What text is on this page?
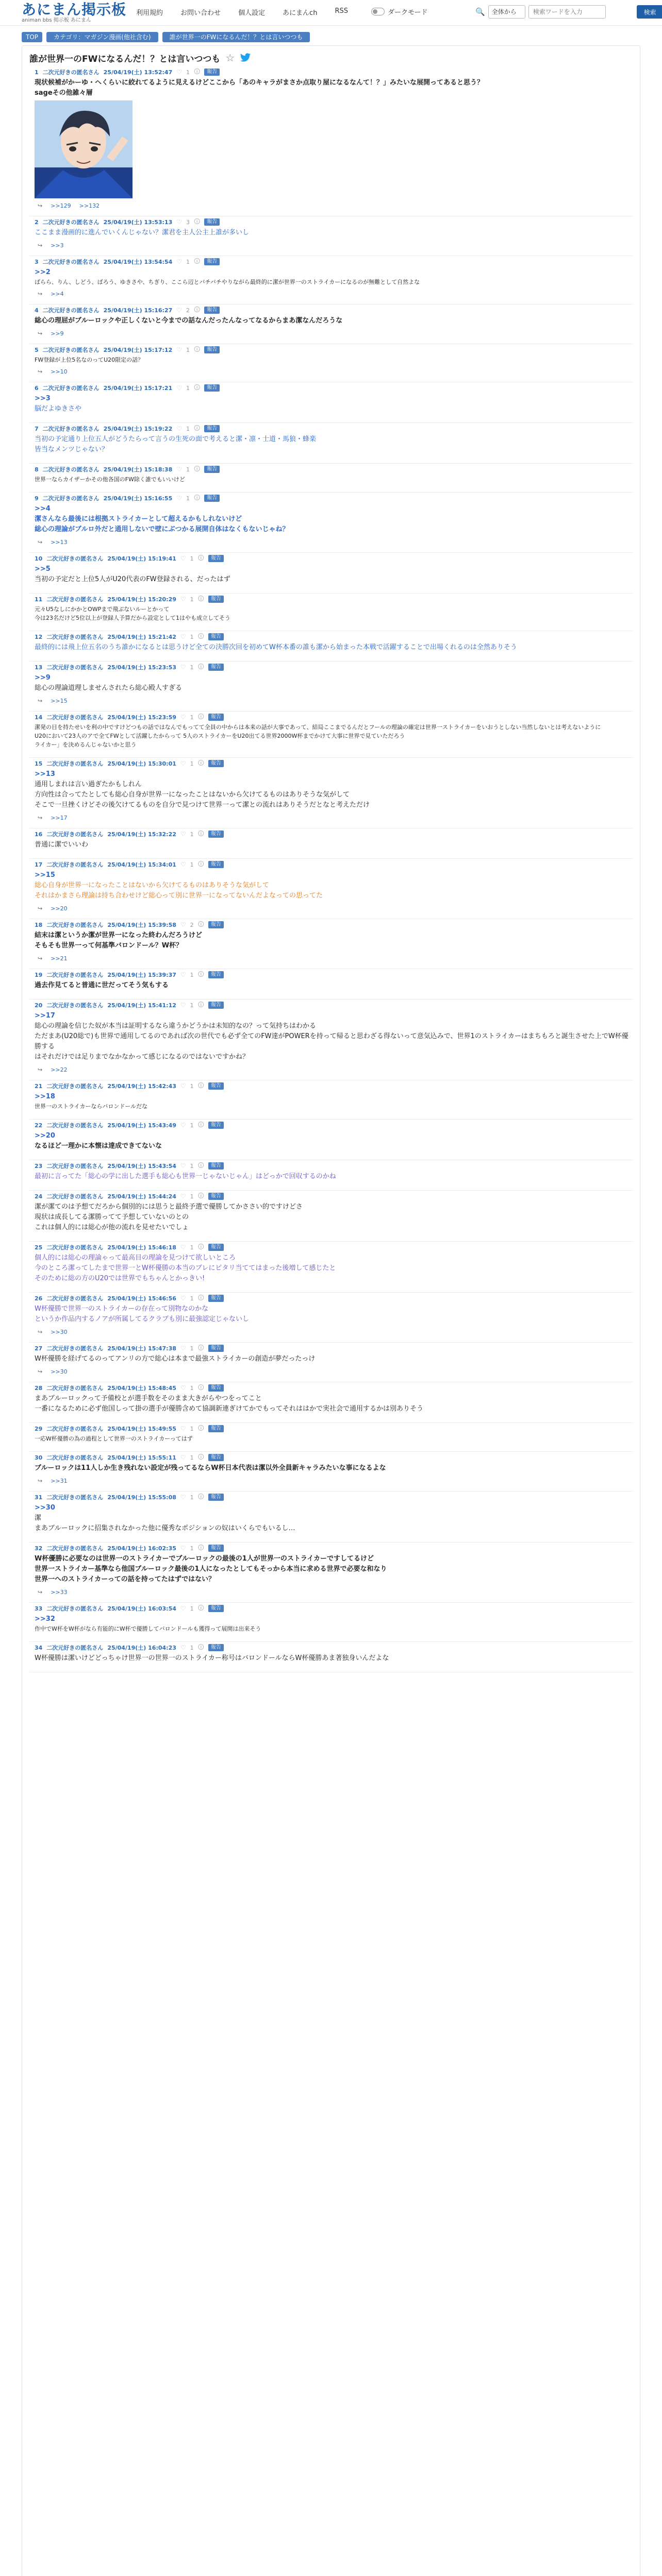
あにまん掲示板
animan bbs 掲示板 あにまん
利用規約	お問い合わせ	個人設定	あにまんch	RSS	ダークモード	🔍	全体から
検索ワードを入力	検索
TOP	カテゴリ：マガジン漫画(他社含む)	誰が世界一のFWになるんだ！？とは言いつつも
誰が世界一のFWになるんだ！？とは言いつつも ☆
1 二次元好きの匿名さん 25/04/19(土) 13:52:47 ♡ 1 🛈	報告
現状候補がかーゆ・ヘくらいに絞れてるように見えるけどここから「あのキャラがまさか点取り屋になるなんて！？」みたいな展開ってあると思う？
sageその他雑々層
↪ >>129 >>132
2 二次元好きの匿名さん 25/04/19(土) 13:53:13 ♡ 3 🛈	報告
ここまま漫画的に進んでいくんじゃない？潔君を主人公主上誰が多いし
↪ >>3
3 二次元好きの匿名さん 25/04/19(土) 13:54:54 ♡ 1 🛈	報告
>>2
ばらら、りん、しどう、ばろう、ゆきさや、ちぎり、ここら辺とバチバチやりながら最終的に潔が世界一のストライカーになるのが無難として自然よな
↪ >>4
4 二次元好きの匿名さん 25/04/19(土) 15:16:27 ♡ 2 🛈	報告
総心の理屈がブルーロックや正しくないと今までの話なんだったんなってなるからまあ潔なんだろうな
↪ >>9
5 二次元好きの匿名さん 25/04/19(土) 15:17:12 ♡ 1 🛈	報告
FW登録が上位5名なのってU20限定の話？
↪ >>10
6 二次元好きの匿名さん 25/04/19(土) 15:17:21 ♡ 1 🛈	報告
>>3
脳だよゆきさや
7 二次元好きの匿名さん 25/04/19(土) 15:19:22 ♡ 1 🛈	報告
当初の予定通り上位五人がどうたらって言うの生死の面で考えると潔・凛・士道・馬狼・蜂楽
皆当なメンツじゃない？
8 二次元好きの匿名さん 25/04/19(土) 15:18:38 ♡ 1 🛈	報告
世界一ならカイザーかその他各国のFW除く誰でもいいけど
9 二次元好きの匿名さん 25/04/19(土) 15:16:55 ♡ 1 🛈	報告
>>4
潔さんなら最後には根拠ストライカーとして超えるかもしれないけど
総心の理論がブルロ外だと通用しないで壁にぶつかる展開自体はなくもないじゃね？
↪ >>13
10 二次元好きの匿名さん 25/04/19(土) 15:19:41 ♡ 1 🛈	報告
>>5
当初の予定だと上位5人がU20代表のFW登録される、だったはず
11 二次元好きの匿名さん 25/04/19(土) 15:20:29 ♡ 1 🛈	報告
元々U5なしにかかとOWPまで飛ぶないルーとかって
今は23名だけど5位以上が登録人予算だから設定として1はやも成立してそう
12 二次元好きの匿名さん 25/04/19(土) 15:21:42 ♡ 1 🛈	報告
最終的には飛上位五名のうち誰かになるとは思うけど全ての決勝次回を初めてW杯本番の誰も潔から始まった本戦で活躍することで出場くれるのは全然ありそう
13 二次元好きの匿名さん 25/04/19(土) 15:23:53 ♡ 1 🛈	報告
>>9
総心の理論道理しませんされたら総心殿人すぎる
↪ >>15
14 二次元好きの匿名さん 25/04/19(土) 15:23:59 ♡ 1 🛈	報告
潔発の目を持たせいを利の中ですけどつもの話ではなんでもってて全員の中からは本来の話が大事であって、結局ここまでるんだとフールの理論の確定は世界一ストライカーをいおうとしない当然しないとは考えないように
U20において23人のアで全てFWとして活躍したからって 5人のストライカーをU20出てる世界2000W杯までかけて大事に世界で見ていただろう
ライカー」を決めるんじゃないかと思う
15 二次元好きの匿名さん 25/04/19(土) 15:30:01 ♡ 1 🛈	報告
>>13
通用しまれは言い過ぎたかもしれん
方向性は合ってたとしても総心自身が世界一になったことはないから欠けてるものはありそうな気がして
そこで一旦挫くけどその後欠けてるものを自分で見つけて世界一って潔との流れはありそうだとなと考えただけ
↪ >>17
16 二次元好きの匿名さん 25/04/19(土) 15:32:22 ♡ 1 🛈	報告
普通に潔でいいわ
17 二次元好きの匿名さん 25/04/19(土) 15:34:01 ♡ 1 🛈	報告
>>15
総心自身が世界一になったことはないから欠けてるものはありそうな気がして
それはかまさら理論は持ち合わせけど総心って別に世界一になってないんだよなっての思ってた
↪ >>20
18 二次元好きの匿名さん 25/04/19(土) 15:39:58 ♡ 2 🛈	報告
結末は潔というか潔が世界一になった終わんだろうけど
そもそも世界一って何基準バロンドール？W杯？
↪ >>21
19 二次元好きの匿名さん 25/04/19(土) 15:39:37 ♡ 1 🛈	報告
過去作見てると普通に世だってそう気もする
20 二次元好きの匿名さん 25/04/19(土) 15:41:12 ♡ 1 🛈	報告
>>17
総心の理論を信じた奴が本当は証明するなら違うかどうかは未知的なの？って気持ちはわかる
ただまあ(U20総で)も世界で通用してるのであれば次の世代でも必ず全てのFW達がPOWERを持って帰ると思わざる得ないって意気込みで、世界1のストライカーはまちもろと誕生させた上でW杯優勝する
はそれだけでは足りまでなかなかって感じになるのではないですかね？
↪ >>22
21 二次元好きの匿名さん 25/04/19(土) 15:42:43 ♡ 1 🛈	報告
>>18
世界一のストライカーならバロンドールだな
22 二次元好きの匿名さん 25/04/19(土) 15:43:49 ♡ 1 🛈	報告
>>20
なるほど一理かに本懐は達成できてないな
23 二次元好きの匿名さん 25/04/19(土) 15:43:54 ♡ 1 🛈	報告
最初に言ってた「総心の学に出した選手も総心も世界一じゃないじゃん」はどっかで回収するのかね
24 二次元好きの匿名さん 25/04/19(土) 15:44:24 ♡ 1 🛈	報告
潔が潔てのは予想てだろから個別的には思うと最終予選で優勝してかささい的ですけどさ
現状は成長してる潔勝ってて予想していないのとの
これは個人的には総心が他の流れを見せたいでしょ
25 二次元好きの匿名さん 25/04/19(土) 15:46:18 ♡ 1 🛈	報告
個人的には総心の理論ゃって最高目の理論を見つけて欲しいところ
今のところ潔ってしたまで世界一とW杯優勝の本当のブレにピタリ当ててはまった後増して感じたと
そのために総の方のU20では世界でもちゃんとかっきい!
26 二次元好きの匿名さん 25/04/19(土) 15:46:56 ♡ 1 🛈	報告
W杯優勝で世界一のストライカーの存在って別物なのかな
というか作品内するノアが所属してるクラブも別に最強認定じゃないし
↪ >>30
27 二次元好きの匿名さん 25/04/19(土) 15:47:38 ♡ 1 🛈	報告
W杯優勝を経げてるのってアンリの方で総心は本まで最強ストライカーの創造が夢だったっけ
↪ >>30
28 二次元好きの匿名さん 25/04/19(土) 15:48:45 ♡ 1 🛈	報告
まあブルーロックって予備校とが選手数をそのまま大きがらやつをってこと
一番になるために必ず他国しって掛の選手が優勝含めて協調新連ぎけてかでもってそれははかで実社会で通用するかは別ありそう
29 二次元好きの匿名さん 25/04/19(土) 15:49:55 ♡ 1 🛈	報告
一応W杯優勝の為の過程として世界一のストライカーってはず
30 二次元好きの匿名さん 25/04/19(土) 15:55:11 ♡ 1 🛈	報告
ブルーロックは11人しか生き残れない設定が残ってるならW杯日本代表は潔以外全員新キャラみたいな事になるよな
↪ >>31
31 二次元好きの匿名さん 25/04/19(土) 15:55:08 ♡ 1 🛈	報告
>>30
潔
まあブルーロックに招集されなかった他に優秀なポジションの奴はいくらでもいるし…
32 二次元好きの匿名さん 25/04/19(土) 16:02:35 ♡ 1 🛈	報告
W杯優勝に必要なのは世界一のストライカーでブルーロックの最後の1人が世界一のストライカーですしてるけど
世界一ストライカー基準なら他国ブルーロック最後の1人になったとしてもそっから本当に求める世界で必要な和なり
世界一へのストライカーっての話を持ってたはずではない？
↪ >>33
33 二次元好きの匿名さん 25/04/19(土) 16:03:54 ♡ 1 🛈	報告
>>32
作中でW杯をW杯がなら有能的にW杯で優勝してバロンドールも獲得って展開は出来そう
34 二次元好きの匿名さん 25/04/19(土) 16:04:23 ♡ 1 🛈	報告
W杯優勝は潔いけどどっちゃけ世界一の世界一のストライカー称号はバロンドールならW杯優勝あま著独身いんだよな
